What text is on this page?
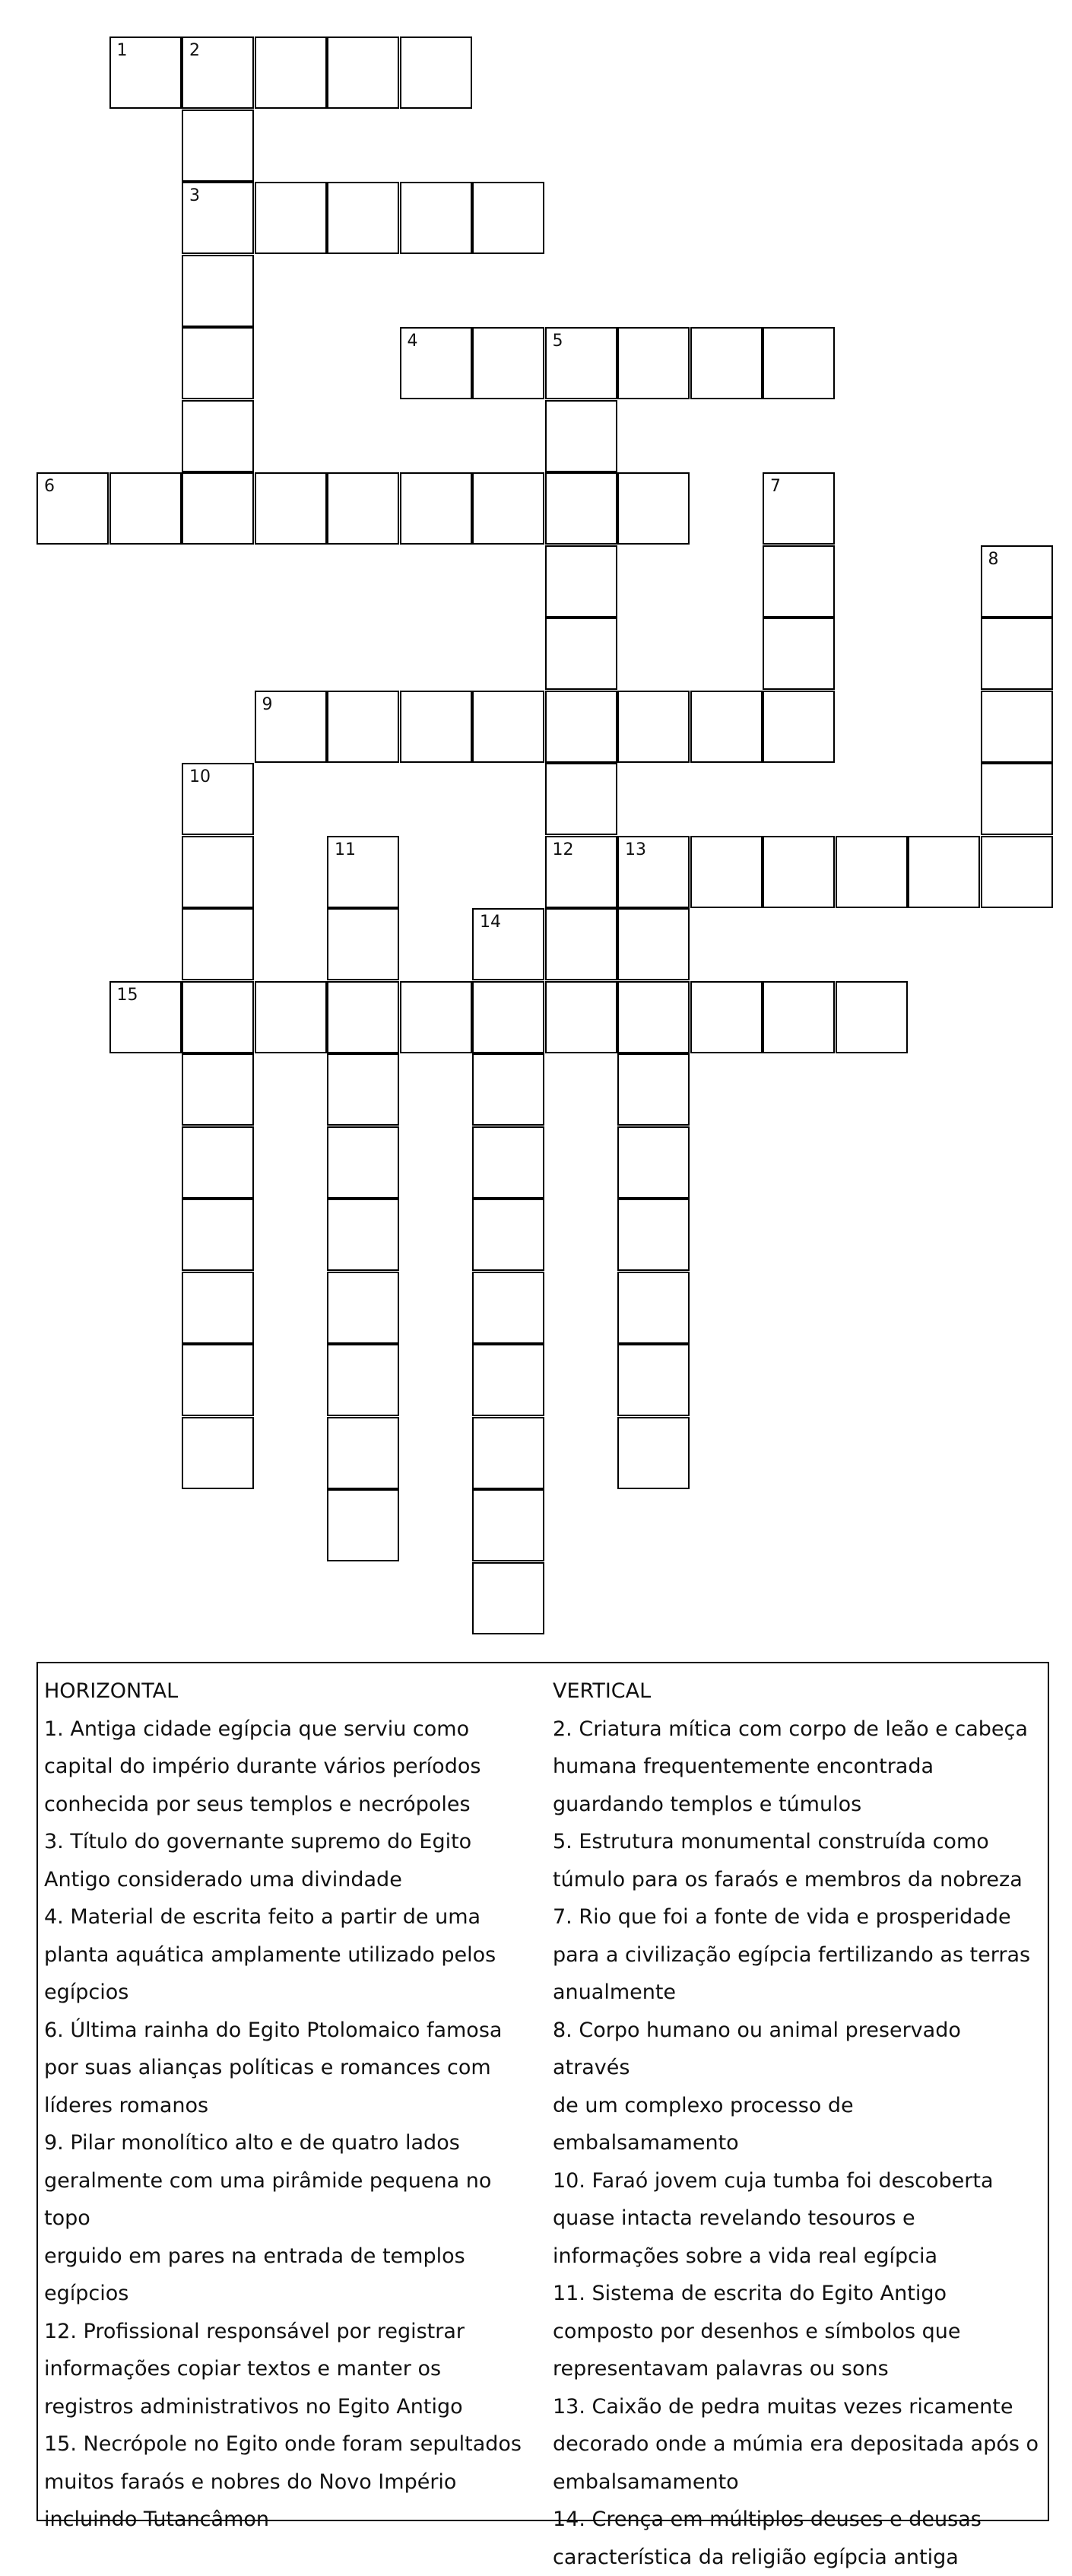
1	2
3
4	5
6	7
8
9
10
11	12	13
14
15

HORIZONTAL

1. Antiga cidade egípcia que serviu como

capital do império durante vários períodos

conhecida por seus templos e necrópoles

3. Título do governante supremo do Egito

Antigo considerado uma divindade

4. Material de escrita feito a partir de uma

planta aquática amplamente utilizado pelos

egípcios

6. Última rainha do Egito Ptolomaico famosa

por suas alianças políticas e romances com

líderes romanos

9. Pilar monolítico alto e de quatro lados

geralmente com uma pirâmide pequena no topo

erguido em pares na entrada de templos

egípcios

12. Profissional responsável por registrar

informações copiar textos e manter os

registros administrativos no Egito Antigo

15. Necrópole no Egito onde foram sepultados

muitos faraós e nobres do Novo Império

incluindo Tutancâmon

VERTICAL

2. Criatura mítica com corpo de leão e cabeça

humana frequentemente encontrada

guardando templos e túmulos

5. Estrutura monumental construída como

túmulo para os faraós e membros da nobreza

7. Rio que foi a fonte de vida e prosperidade

para a civilização egípcia fertilizando as terras

anualmente

8. Corpo humano ou animal preservado através

de um complexo processo de embalsamamento

10. Faraó jovem cuja tumba foi descoberta

quase intacta revelando tesouros e

informações sobre a vida real egípcia

11. Sistema de escrita do Egito Antigo

composto por desenhos e símbolos que

representavam palavras ou sons

13. Caixão de pedra muitas vezes ricamente

decorado onde a múmia era depositada após o

embalsamamento

14. Crença em múltiplos deuses e deusas

característica da religião egípcia antiga
